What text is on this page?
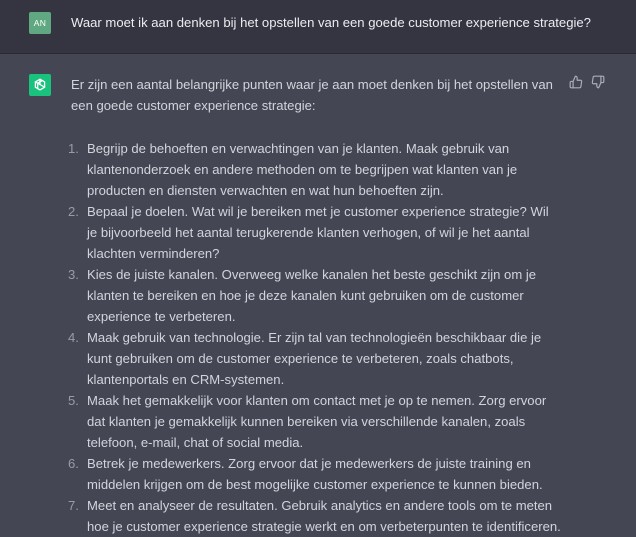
AN	Waar moet ik aan denken bij het opstellen van een goede customer experience strategie?

Er zijn een aantal belangrijke punten waar je aan moet denken bij het opstellen van een goede customer experience strategie:

1. Begrijp de behoeften en verwachtingen van je klanten. Maak gebruik van klantenonderzoek en andere methoden om te begrijpen wat klanten van je producten en diensten verwachten en wat hun behoeften zijn.
2. Bepaal je doelen. Wat wil je bereiken met je customer experience strategie? Wil je bijvoorbeeld het aantal terugkerende klanten verhogen, of wil je het aantal klachten verminderen?
3. Kies de juiste kanalen. Overweeg welke kanalen het beste geschikt zijn om je klanten te bereiken en hoe je deze kanalen kunt gebruiken om de customer experience te verbeteren.
4. Maak gebruik van technologie. Er zijn tal van technologieën beschikbaar die je kunt gebruiken om de customer experience te verbeteren, zoals chatbots, klantenportals en CRM-systemen.
5. Maak het gemakkelijk voor klanten om contact met je op te nemen. Zorg ervoor dat klanten je gemakkelijk kunnen bereiken via verschillende kanalen, zoals telefoon, e-mail, chat of social media.
6. Betrek je medewerkers. Zorg ervoor dat je medewerkers de juiste training en middelen krijgen om de best mogelijke customer experience te kunnen bieden.
7. Meet en analyseer de resultaten. Gebruik analytics en andere tools om te meten hoe je customer experience strategie werkt en om verbeterpunten te identificeren.
